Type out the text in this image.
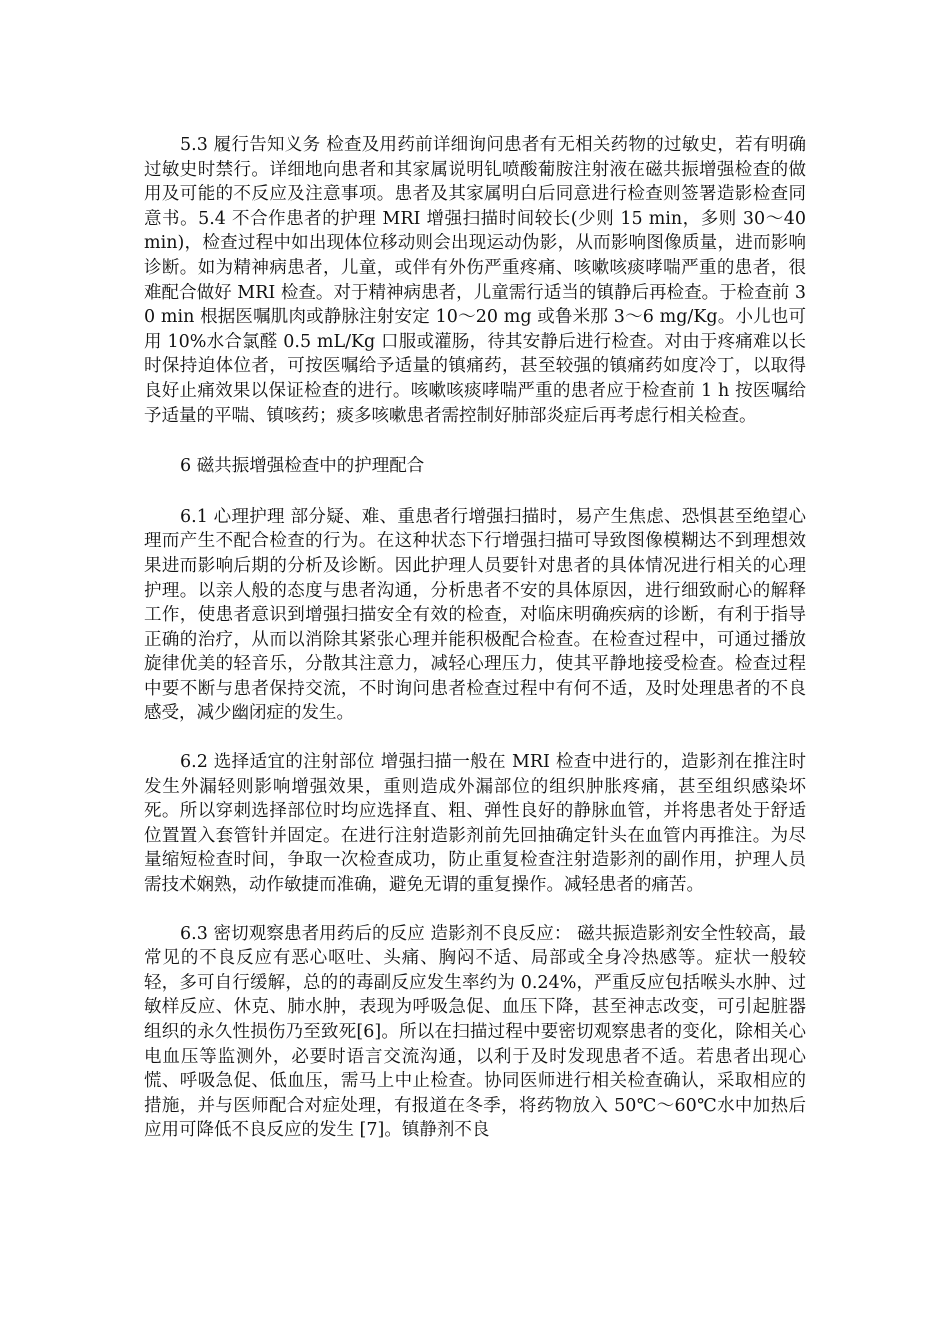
5.3 履行告知义务 检查及用药前详细询问患者有无相关药物的过敏史，若有明确过敏史时禁行。详细地向患者和其家属说明钆喷酸葡胺注射液在磁共振增强检查的做用及可能的不反应及注意事项。患者及其家属明白后同意进行检查则签署造影检查同意书。5.4 不合作患者的护理 MRI 增强扫描时间较长(少则 15 min，多则 30～40 min)，检查过程中如出现体位移动则会出现运动伪影，从而影响图像质量，进而影响诊断。如为精神病患者，儿童，或伴有外伤严重疼痛、咳嗽咳痰哮喘严重的患者，很难配合做好 MRI 检查。对于精神病患者，儿童需行适当的镇静后再检查。于检查前 30 min 根据医嘱肌肉或静脉注射安定 10～20 mg 或鲁米那 3～6 mg/Kg。小儿也可用 10%水合氯醛 0.5 mL/Kg 口服或灌肠，待其安静后进行检查。对由于疼痛难以长时保持迫体位者，可按医嘱给予适量的镇痛药，甚至较强的镇痛药如度冷丁，以取得良好止痛效果以保证检查的进行。咳嗽咳痰哮喘严重的患者应于检查前 1 h 按医嘱给予适量的平喘、镇咳药；痰多咳嗽患者需控制好肺部炎症后再考虑行相关检查。

6 磁共振增强检查中的护理配合

6.1 心理护理 部分疑、难、重患者行增强扫描时，易产生焦虑、恐惧甚至绝望心理而产生不配合检查的行为。在这种状态下行增强扫描可导致图像模糊达不到理想效果进而影响后期的分析及诊断。因此护理人员要针对患者的具体情况进行相关的心理护理。以亲人般的态度与患者沟通，分析患者不安的具体原因，进行细致耐心的解释工作，使患者意识到增强扫描安全有效的检查，对临床明确疾病的诊断，有利于指导正确的治疗，从而以消除其紧张心理并能积极配合检查。在检查过程中，可通过播放旋律优美的轻音乐，分散其注意力，减轻心理压力，使其平静地接受检查。检查过程中要不断与患者保持交流，不时询问患者检查过程中有何不适，及时处理患者的不良感受，减少幽闭症的发生。

6.2 选择适宜的注射部位 增强扫描一般在 MRI 检查中进行的，造影剂在推注时发生外漏轻则影响增强效果，重则造成外漏部位的组织肿胀疼痛，甚至组织感染坏死。所以穿刺选择部位时均应选择直、粗、弹性良好的静脉血管，并将患者处于舒适位置置入套管针并固定。在进行注射造影剂前先回抽确定针头在血管内再推注。为尽量缩短检查时间，争取一次检查成功，防止重复检查注射造影剂的副作用，护理人员需技术娴熟，动作敏捷而准确，避免无谓的重复操作。减轻患者的痛苦。

6.3 密切观察患者用药后的反应 造影剂不良反应： 磁共振造影剂安全性较高，最常见的不良反应有恶心呕吐、头痛、胸闷不适、局部或全身冷热感等。症状一般较轻，多可自行缓解，总的的毒副反应发生率约为 0.24%，严重反应包括喉头水肿、过敏样反应、休克、肺水肿，表现为呼吸急促、血压下降，甚至神志改变，可引起脏器组织的永久性损伤乃至致死[6]。所以在扫描过程中要密切观察患者的变化，除相关心电血压等监测外，必要时语言交流沟通，以利于及时发现患者不适。若患者出现心慌、呼吸急促、低血压，需马上中止检查。协同医师进行相关检查确认，采取相应的措施，并与医师配合对症处理，有报道在冬季，将药物放入 50℃～60℃水中加热后应用可降低不良反应的发生 [7]。镇静剂不良
